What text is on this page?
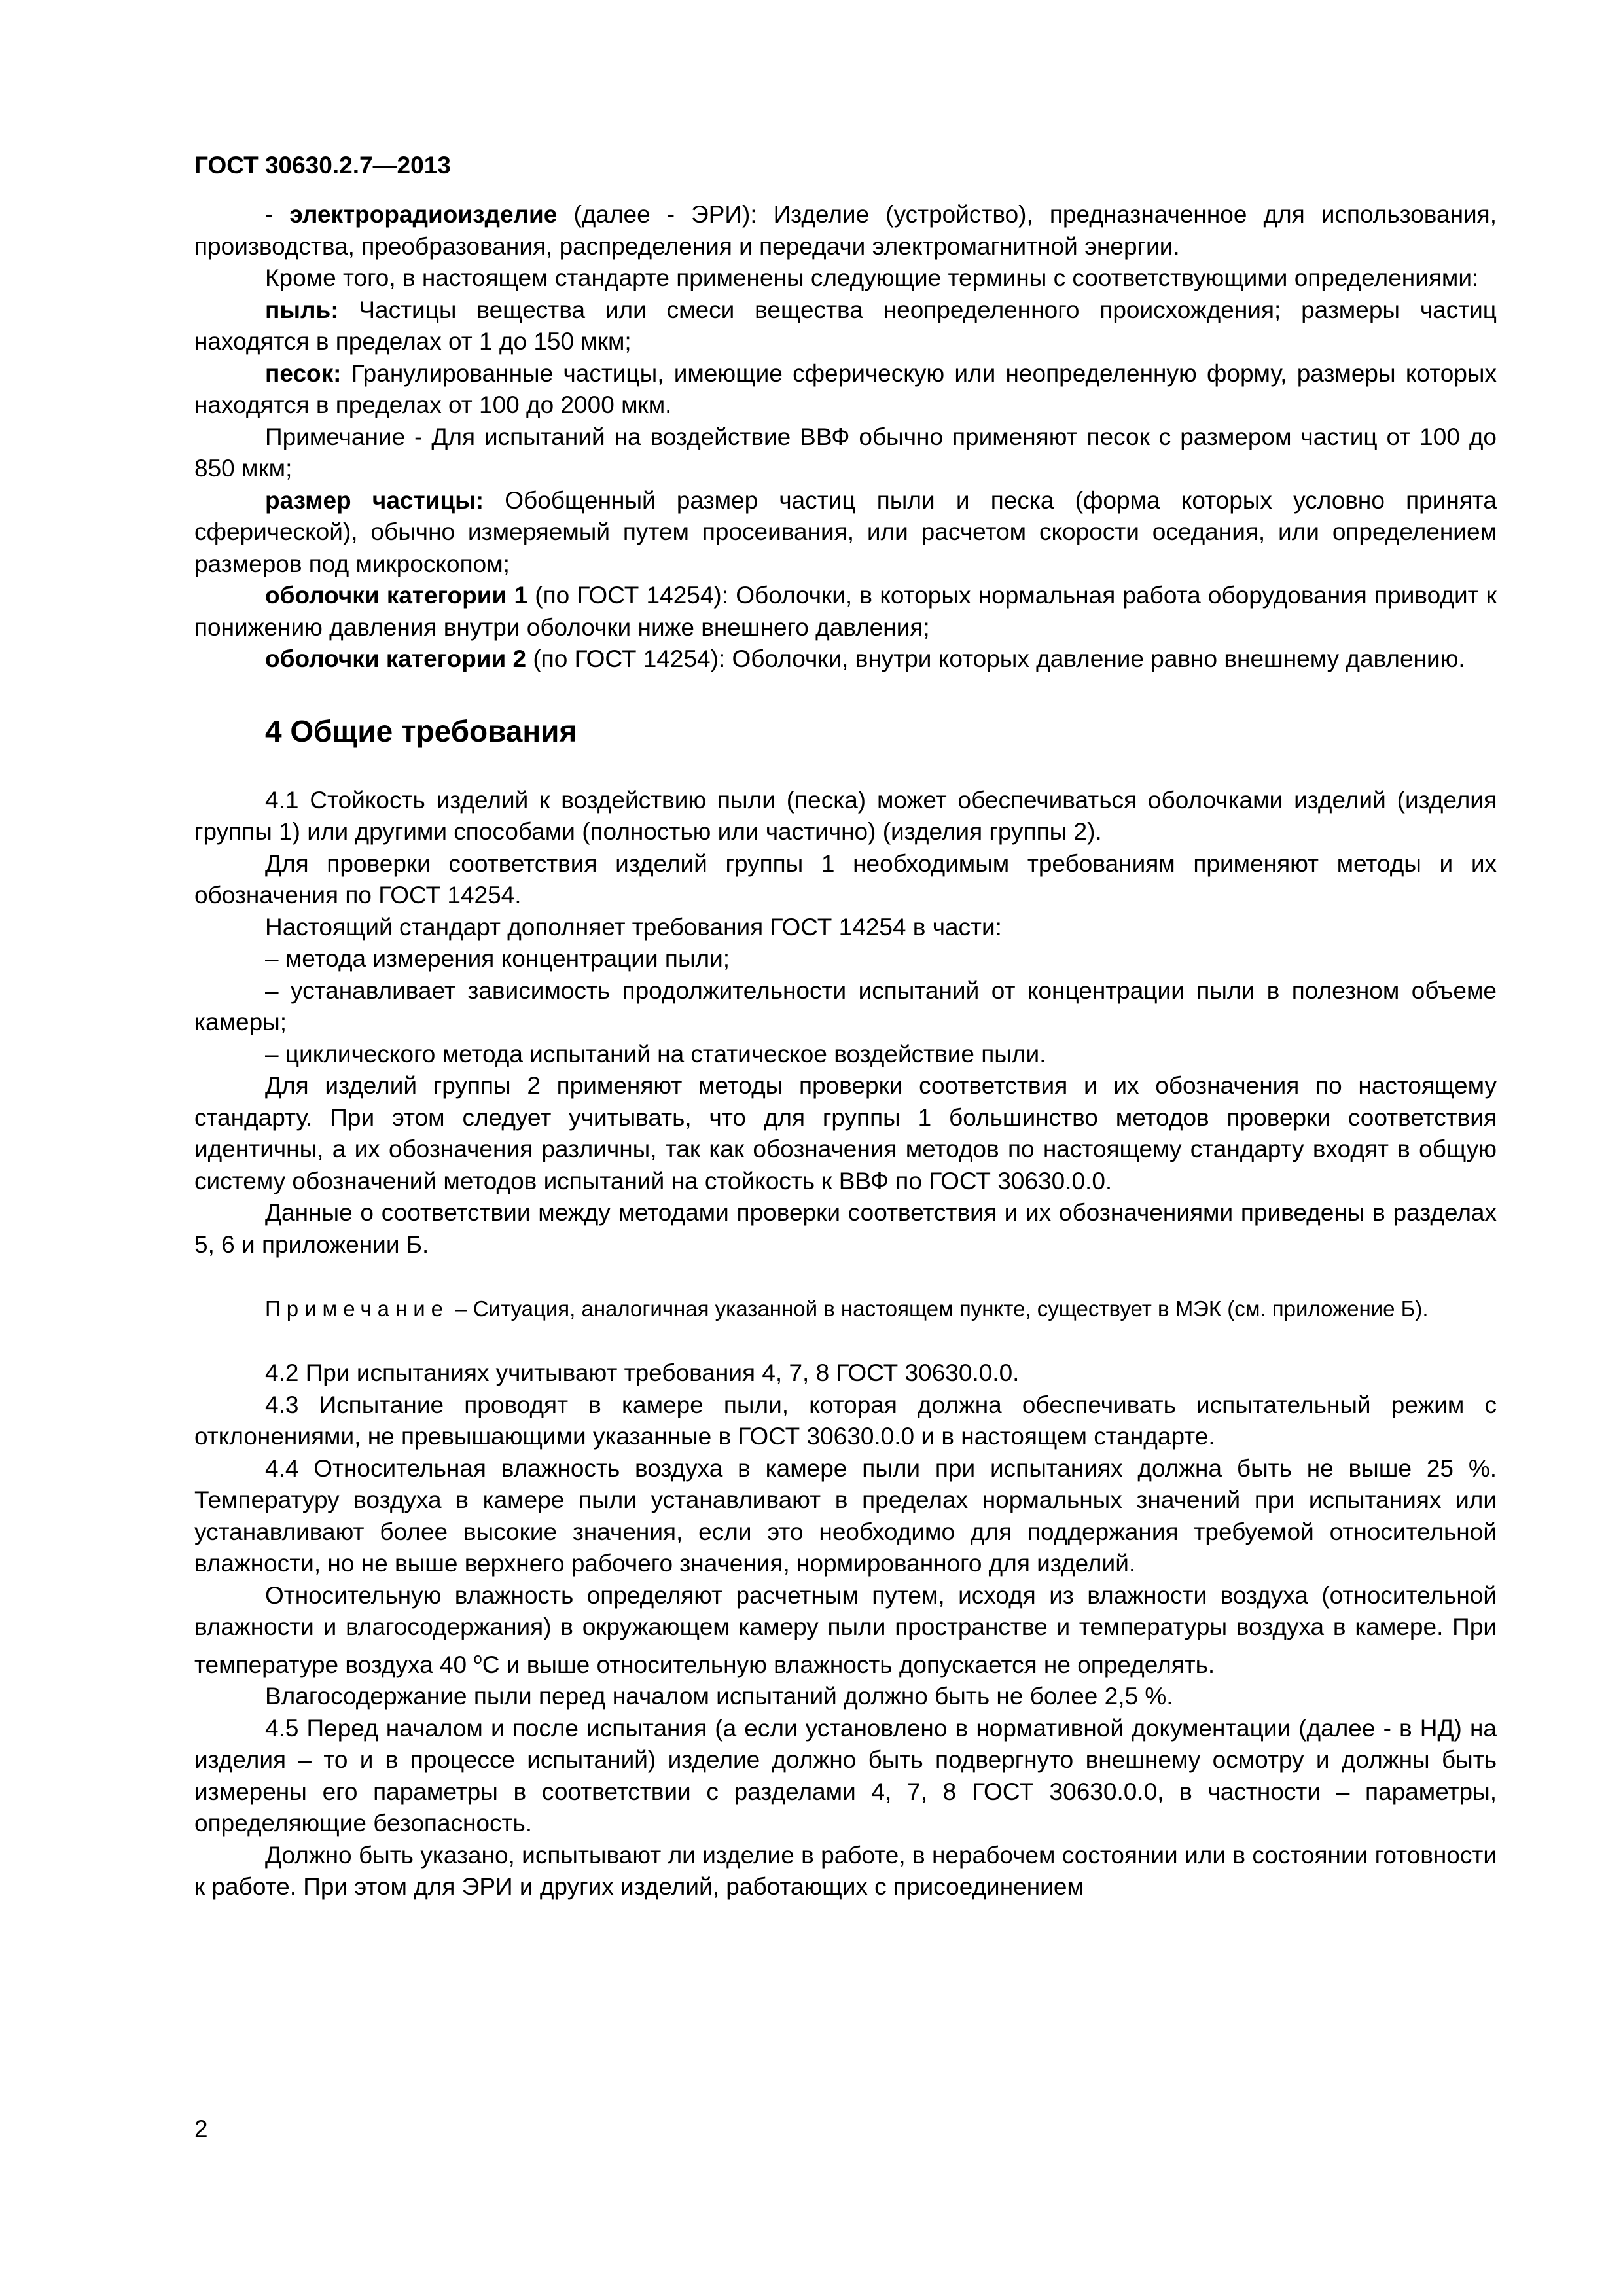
ГОСТ 30630.2.7—2013

- электрорадиоизделие (далее - ЭРИ): Изделие (устройство), предназначенное для использования, производства, преобразования, распределения и передачи электромагнитной энергии.

Кроме того, в настоящем стандарте применены следующие термины с соответствующими определениями:

пыль: Частицы вещества или смеси вещества неопределенного происхождения; размеры частиц находятся в пределах от 1 до 150 мкм;

песок: Гранулированные частицы, имеющие сферическую или неопределенную форму, размеры которых находятся в пределах от 100 до 2000 мкм.

Примечание - Для испытаний на воздействие ВВФ обычно применяют песок с размером частиц от 100 до 850 мкм;

размер частицы: Обобщенный размер частиц пыли и песка (форма которых условно принята сферической), обычно измеряемый путем просеивания, или расчетом скорости оседания, или определением размеров под микроскопом;

оболочки категории 1 (по ГОСТ 14254): Оболочки, в которых нормальная работа оборудования приводит к понижению давления внутри оболочки ниже внешнего давления;

оболочки категории 2 (по ГОСТ 14254): Оболочки, внутри которых давление равно внешнему давлению.

4 Общие требования

4.1 Стойкость изделий к воздействию пыли (песка) может обеспечиваться оболочками изделий (изделия группы 1) или другими способами (полностью или частично) (изделия группы 2).

Для проверки соответствия изделий группы 1 необходимым требованиям применяют методы и их обозначения по ГОСТ 14254.

Настоящий стандарт дополняет требования ГОСТ 14254 в части:

– метода измерения концентрации пыли;

– устанавливает зависимость продолжительности испытаний от концентрации пыли в полезном объеме камеры;

– циклического метода испытаний на статическое воздействие пыли.

Для изделий группы 2 применяют методы проверки соответствия и их обозначения по настоящему стандарту. При этом следует учитывать, что для группы 1 большинство методов проверки соответствия идентичны, а их обозначения различны, так как обозначения методов по настоящему стандарту входят в общую систему обозначений методов испытаний на стойкость к ВВФ по ГОСТ 30630.0.0.

Данные о соответствии между методами проверки соответствия и их обозначениями приведены в разделах 5, 6 и приложении Б.

Примечание – Ситуация, аналогичная указанной в настоящем пункте, существует в МЭК (см. приложение Б).

4.2 При испытаниях учитывают требования 4, 7, 8 ГОСТ 30630.0.0.

4.3 Испытание проводят в камере пыли, которая должна обеспечивать испытательный режим с отклонениями, не превышающими указанные в ГОСТ 30630.0.0 и в настоящем стандарте.

4.4 Относительная влажность воздуха в камере пыли при испытаниях должна быть не выше 25 %. Температуру воздуха в камере пыли устанавливают в пределах нормальных значений при испытаниях или устанавливают более высокие значения, если это необходимо для поддержания требуемой относительной влажности, но не выше верхнего рабочего значения, нормированного для изделий.

Относительную влажность определяют расчетным путем, исходя из влажности воздуха (относительной влажности и влагосодержания) в окружающем камеру пыли пространстве и температуры воздуха в камере. При температуре воздуха 40 $^о$С и выше относительную влажность допускается не определять.

Влагосодержание пыли перед началом испытаний должно быть не более 2,5 %.

4.5 Перед началом и после испытания (а если установлено в нормативной документации (далее - в НД) на изделия – то и в процессе испытаний) изделие должно быть подвергнуто внешнему осмотру и должны быть измерены его параметры в соответствии с разделами 4, 7, 8 ГОСТ 30630.0.0, в частности – параметры, определяющие безопасность.

Должно быть указано, испытывают ли изделие в работе, в нерабочем состоянии или в состоянии готовности к работе. При этом для ЭРИ и других изделий, работающих с присоединением

2
